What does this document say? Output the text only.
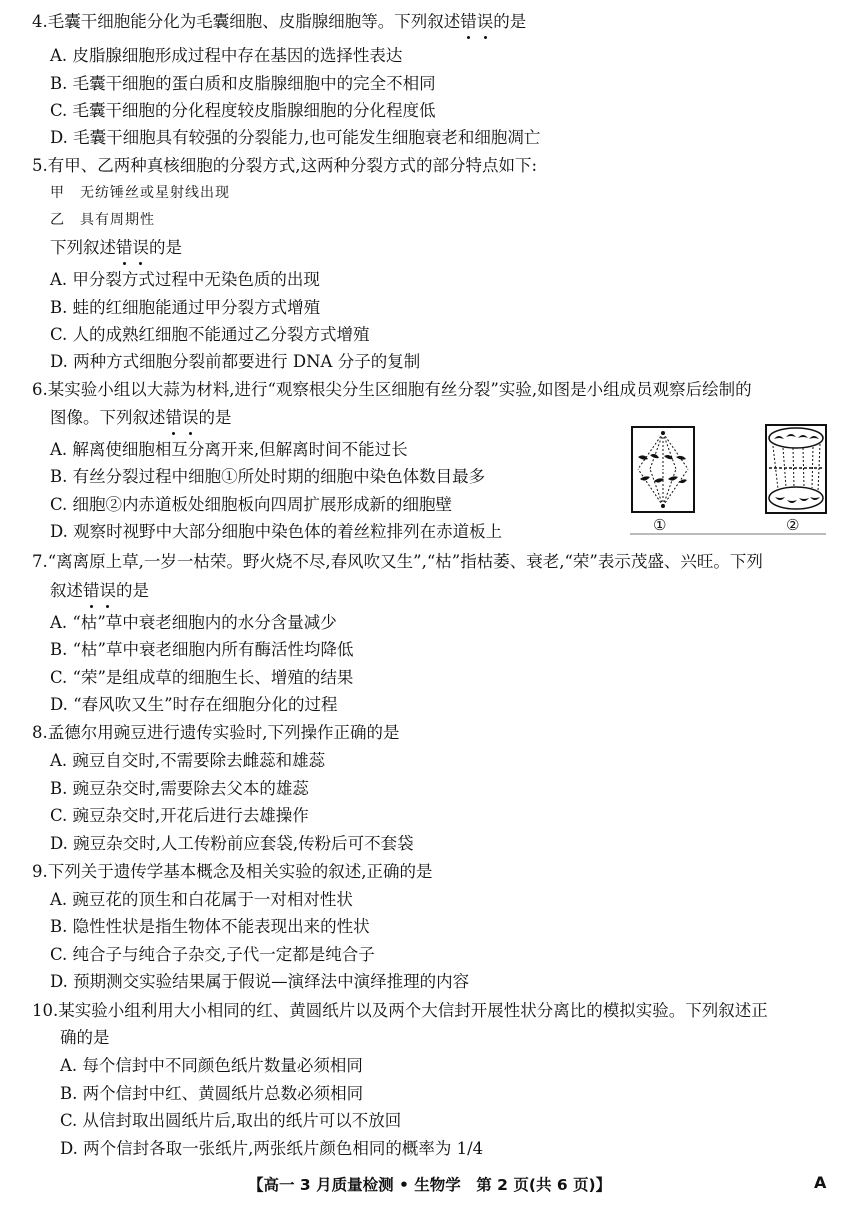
4.毛囊干细胞能分化为毛囊细胞、皮脂腺细胞等。下列叙述错误的是
A. 皮脂腺细胞形成过程中存在基因的选择性表达
B. 毛囊干细胞的蛋白质和皮脂腺细胞中的完全不相同
C. 毛囊干细胞的分化程度较皮脂腺细胞的分化程度低
D. 毛囊干细胞具有较强的分裂能力,也可能发生细胞衰老和细胞凋亡
5.有甲、乙两种真核细胞的分裂方式,这两种分裂方式的部分特点如下:
甲　无纺锤丝或星射线出现
乙　具有周期性
下列叙述错误的是
A. 甲分裂方式过程中无染色质的出现
B. 蛙的红细胞能通过甲分裂方式增殖
C. 人的成熟红细胞不能通过乙分裂方式增殖
D. 两种方式细胞分裂前都要进行 DNA 分子的复制
6.某实验小组以大蒜为材料,进行“观察根尖分生区细胞有丝分裂”实验,如图是小组成员观察后绘制的
图像。下列叙述错误的是
A. 解离使细胞相互分离开来,但解离时间不能过长
B. 有丝分裂过程中细胞①所处时期的细胞中染色体数目最多
C. 细胞②内赤道板处细胞板向四周扩展形成新的细胞壁
D. 观察时视野中大部分细胞中染色体的着丝粒排列在赤道板上	①	②
7.“离离原上草,一岁一枯荣。野火烧不尽,春风吹又生”,“枯”指枯萎、衰老,“荣”表示茂盛、兴旺。下列
叙述错误的是
A. “枯”草中衰老细胞内的水分含量减少
B. “枯”草中衰老细胞内所有酶活性均降低
C. “荣”是组成草的细胞生长、增殖的结果
D. “春风吹又生”时存在细胞分化的过程
8.孟德尔用豌豆进行遗传实验时,下列操作正确的是
A. 豌豆自交时,不需要除去雌蕊和雄蕊
B. 豌豆杂交时,需要除去父本的雄蕊
C. 豌豆杂交时,开花后进行去雄操作
D. 豌豆杂交时,人工传粉前应套袋,传粉后可不套袋
9.下列关于遗传学基本概念及相关实验的叙述,正确的是
A. 豌豆花的顶生和白花属于一对相对性状
B. 隐性性状是指生物体不能表现出来的性状
C. 纯合子与纯合子杂交,子代一定都是纯合子
D. 预期测交实验结果属于假说—演绎法中演绎推理的内容
10.某实验小组利用大小相同的红、黄圆纸片以及两个大信封开展性状分离比的模拟实验。下列叙述正
确的是
A. 每个信封中不同颜色纸片数量必须相同
B. 两个信封中红、黄圆纸片总数必须相同
C. 从信封取出圆纸片后,取出的纸片可以不放回
D. 两个信封各取一张纸片,两张纸片颜色相同的概率为 1/4
【高一 3 月质量检测 • 生物学　第 2 页(共 6 页)】	A
